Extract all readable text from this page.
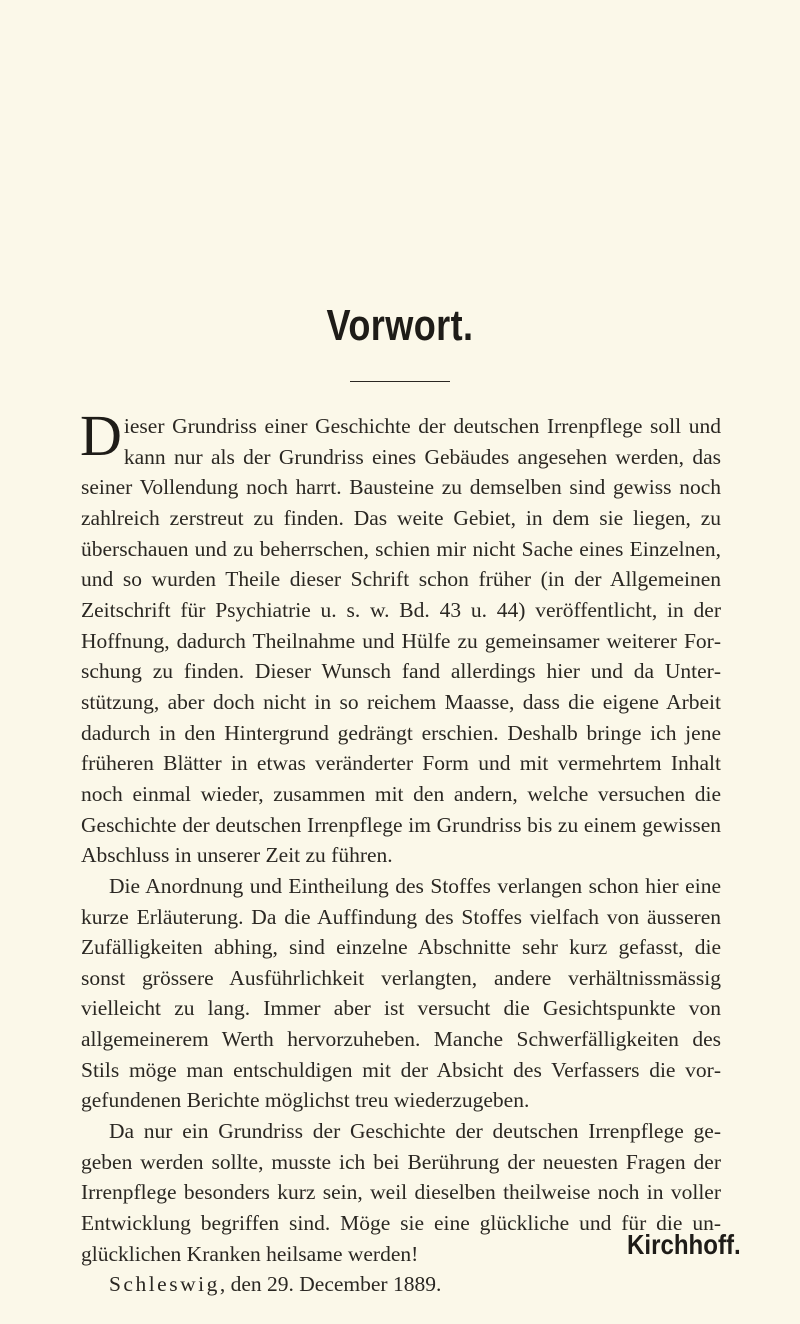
Vorwort.

Dieser Grundriss einer Geschichte der deutschen Irrenpflege soll und kann nur als der Grundriss eines Gebäudes angesehen werden, das seiner Vollendung noch harrt. Bausteine zu demselben sind gewiss noch zahlreich zerstreut zu finden. Das weite Gebiet, in dem sie liegen, zu überschauen und zu beherrschen, schien mir nicht Sache eines Einzelnen, und so wurden Theile dieser Schrift schon früher (in der Allgemeinen Zeitschrift für Psychiatrie u. s. w. Bd. 43 u. 44) veröffentlicht, in der Hoffnung, dadurch Theilnahme und Hülfe zu gemeinsamer weiterer Forschung zu finden. Dieser Wunsch fand allerdings hier und da Unterstützung, aber doch nicht in so reichem Maasse, dass die eigene Arbeit dadurch in den Hintergrund gedrängt erschien. Deshalb bringe ich jene früheren Blätter in etwas veränderter Form und mit vermehrtem Inhalt noch einmal wieder, zusammen mit den andern, welche versuchen die Geschichte der deutschen Irrenpflege im Grundriss bis zu einem gewissen Abschluss in unserer Zeit zu führen.

Die Anordnung und Eintheilung des Stoffes verlangen schon hier eine kurze Erläuterung. Da die Auffindung des Stoffes vielfach von äusseren Zufälligkeiten abhing, sind einzelne Abschnitte sehr kurz gefasst, die sonst grössere Ausführlichkeit verlangten, andere verhältnissmässig vielleicht zu lang. Immer aber ist versucht die Gesichtspunkte von allgemeinerem Werth hervorzuheben. Manche Schwerfälligkeiten des Stils möge man entschuldigen mit der Absicht des Verfassers die vorgefundenen Berichte möglichst treu wiederzugeben.

Da nur ein Grundriss der Geschichte der deutschen Irrenpflege gegeben werden sollte, musste ich bei Berührung der neuesten Fragen der Irrenpflege besonders kurz sein, weil dieselben theilweise noch in voller Entwicklung begriffen sind. Möge sie eine glückliche und für die unglücklichen Kranken heilsame werden!

Schleswig, den 29. December 1889.

Kirchhoff.
